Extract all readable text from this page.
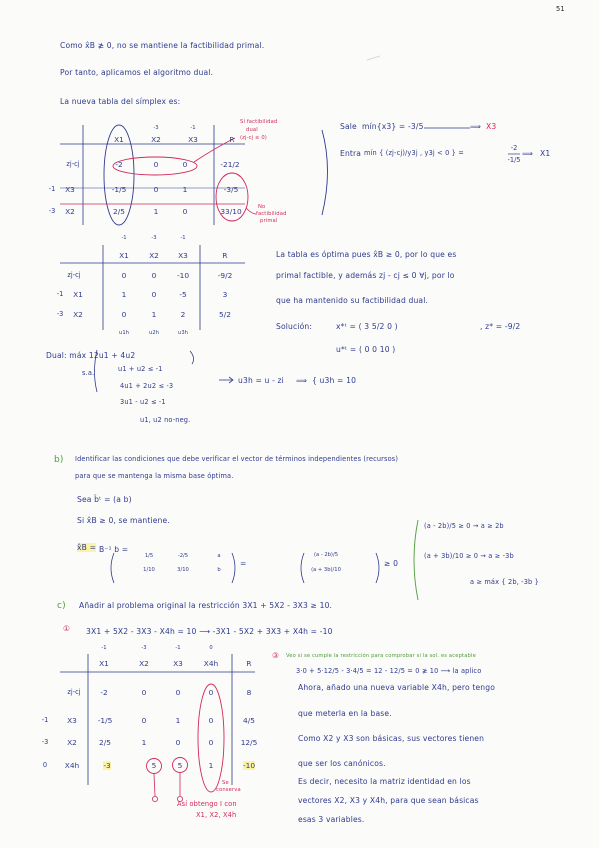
51
Como x̂B ≱ 0, no se mantiene la factibilidad primal.
Por tanto, aplicamos el algoritmo dual.
La nueva tabla del símplex es:
-3	-1
X1	X2	X3	R
zj-cj	-2	0	0	-21/2
-1	X3	-1/5	0	1	-3/5
-3	X2	2/5	1	0	33/10
Sí factibilidad
dual
(zj-cj ≤ 0)
No
factibilidad
primal
Sale mín{x3} = -3/5	⟹ X3
Entra mín { (zj-cj)/y3j , y3j < 0 } =
-2
-1/5
⟹ X1
-1	-3	-1
X1	X2	X3	R
zj-cj	0	0	-10	-9/2
-1	X1	1	0	-5	3
-3	X2	0	1	2	5/2
u1h	u2h	u3h
La tabla es óptima pues x̂B ≥ 0, por lo que es
primal factible, y además zj - cj ≤ 0 ∀j, por lo
que ha mantenido su factibilidad dual.
Solución:	x*ᵗ = ( 3 5/2 0 )	, z* = -9/2
u*ᵗ = ( 0 0 10 )
Dual: máx 12u1 + 4u2
s.a.	u1 + u2 ≤ -1
4u1 + 2u2 ≤ -3
3u1 - u2 ≤ -1
u1, u2 no-neg.
u3h = u - zi ⟹ { u3h = 10
b) Identificar las condiciones que debe verificar el vector de términos independientes (recursos)
para que se mantenga la misma base óptima.
Sea b̂ᵗ = (a b)
Si x̂B ≥ 0, se mantiene.
x̂B = B⁻¹ b =
1/5	-2/5
1/10	3/10
a
b
=
(a - 2b)/5
(a + 3b)/10
≥ 0
(a - 2b)/5 ≥ 0 → a ≥ 2b
(a + 3b)/10 ≥ 0 → a ≥ -3b
a ≥ máx { 2b, -3b }
c) Añadir al problema original la restricción 3X1 + 5X2 - 3X3 ≥ 10.
① 3X1 + 5X2 - 3X3 - X4h = 10 ⟶ -3X1 - 5X2 + 3X3 + X4h = -10
-1	-3	-1	0
X1	X2	X3	X4h	R
zj-cj	-2	0	0	0	8
-1	X3	-1/5	0	1	0	4/5
-3	X2	2/5	1	0	0	12/5
0	X4h	-3	5	5	1	-10
Se
conserva
Así obtengo I con
X1, X2, X4h
③ Veo si se cumple la restricción para comprobar si la sol. es aceptable
3·0 + 5·12/5 - 3·4/5 = 12 - 12/5 = 0 ≱ 10 ⟶ la aplico
Ahora, añado una nueva variable X4h, pero tengo
que meterla en la base.
Como X2 y X3 son básicas, sus vectores tienen
que ser los canónicos.
Es decir, necesito la matriz identidad en los
vectores X2, X3 y X4h, para que sean básicas
esas 3 variables.
